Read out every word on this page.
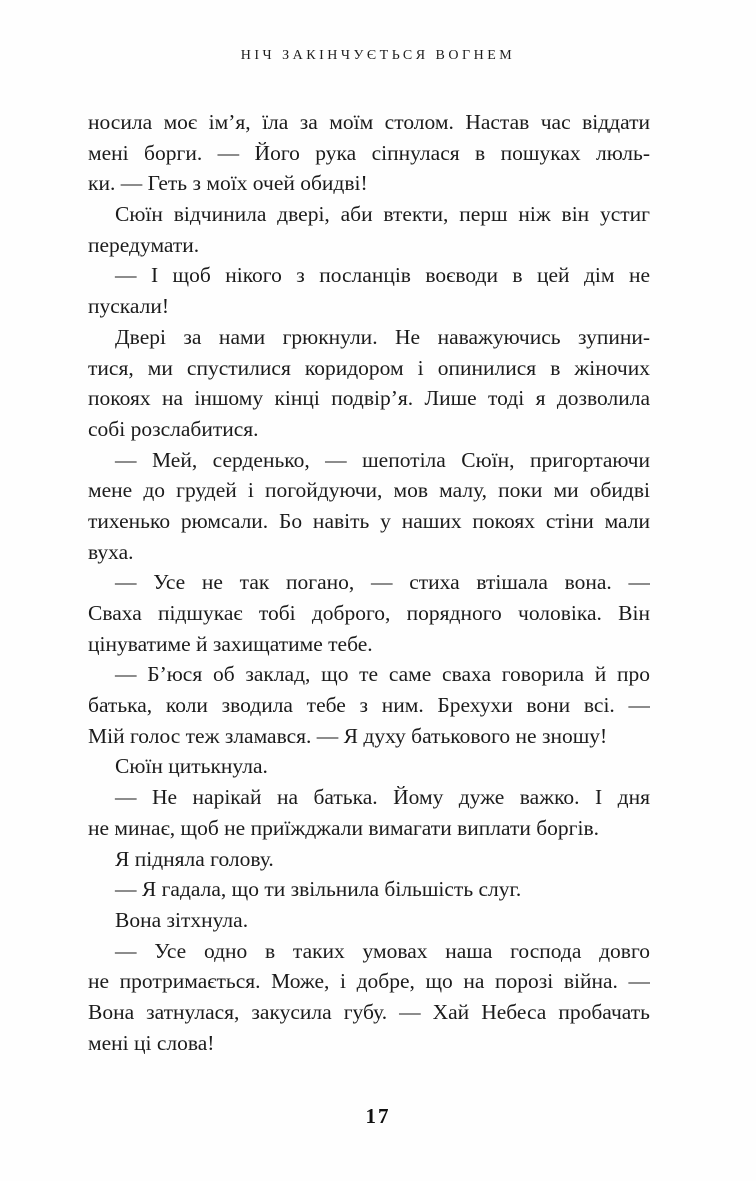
НІЧ ЗАКІНЧУЄТЬСЯ ВОГНЕМ
носила моє ім’я, їла за моїм столом. Настав час віддати
мені борги. — Його рука сіпнулася в пошуках люль-
ки. — Геть з моїх очей обидві!
Сюїн відчинила двері, аби втекти, перш ніж він устиг
передумати.
— І щоб нікого з посланців воєводи в цей дім не
пускали!
Двері за нами грюкнули. Не наважуючись зупини-
тися, ми спустилися коридором і опинилися в жіночих
покоях на іншому кінці подвір’я. Лише тоді я дозволила
собі розслабитися.
— Мей, серденько, — шепотіла Сюїн, пригортаючи
мене до грудей і погойдуючи, мов малу, поки ми обидві
тихенько рюмсали. Бо навіть у наших покоях стіни мали
вуха.
— Усе не так погано, — стиха втішала вона. —
Сваха підшукає тобі доброго, порядного чоловіка. Він
цінуватиме й захищатиме тебе.
— Б’юся об заклад, що те саме сваха говорила й про
батька, коли зводила тебе з ним. Брехухи вони всі. —
Мій голос теж зламався. — Я духу батькового не зношу!
Сюїн цитькнула.
— Не нарікай на батька. Йому дуже важко. І дня
не минає, щоб не приїжджали вимагати виплати боргів.
Я підняла голову.
— Я гадала, що ти звільнила більшість слуг.
Вона зітхнула.
— Усе одно в таких умовах наша господа довго
не протримається. Може, і добре, що на порозі війна. —
Вона затнулася, закусила губу. — Хай Небеса пробачать
мені ці слова!
17
